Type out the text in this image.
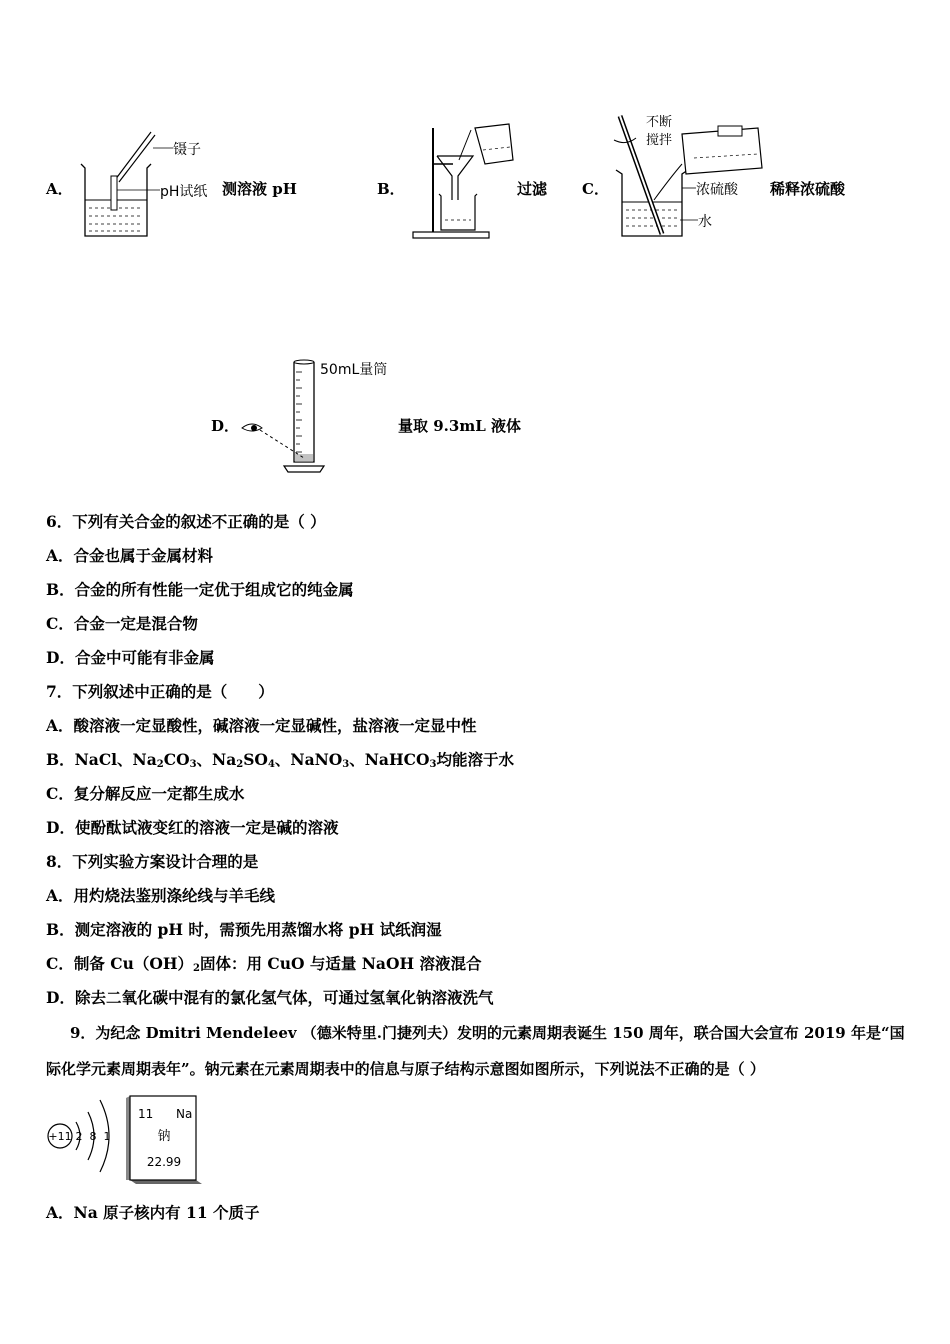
A．
镊子
pH试纸 测溶液 pH	B．	过滤 C．
不断
搅拌
浓硫酸
水
稀释浓硫酸
D．
50mL量筒
量取 9.3mL 液体
6．下列有关合金的叙述不正确的是（ ）
A．合金也属于金属材料
B．合金的所有性能一定优于组成它的纯金属
C．合金一定是混合物
D．合金中可能有非金属
7．下列叙述中正确的是（　　）
A．酸溶液一定显酸性，碱溶液一定显碱性，盐溶液一定显中性
B．NaCl、$Na_2CO_3$、$Na_2SO_4$、NaNO$_3$、NaHCO$_3$均能溶于水
C．复分解反应一定都生成水
D．使酚酞试液变红的溶液一定是碱的溶液
8．下列实验方案设计合理的是
A．用灼烧法鉴别涤纶线与羊毛线
B．测定溶液的 pH 时，需预先用蒸馏水将 pH 试纸润湿
C．制备 $Cu(OH)_2$固体：用 CuO 与适量 NaOH 溶液混合
D．除去二氧化碳中混有的氯化氢气体，可通过氢氧化钠溶液洗气
9．为纪念 Dmitri Mendeleev （德米特里.门捷列夫）发明的元素周期表诞生 150 周年，联合国大会宣布 2019 年是“国
际化学元素周期表年”。钠元素在元素周期表中的信息与原子结构示意图如图所示，下列说法不正确的是（ ）
+11 2 8 1
11 Na
钠
22.99
A．Na 原子核内有 11 个质子
